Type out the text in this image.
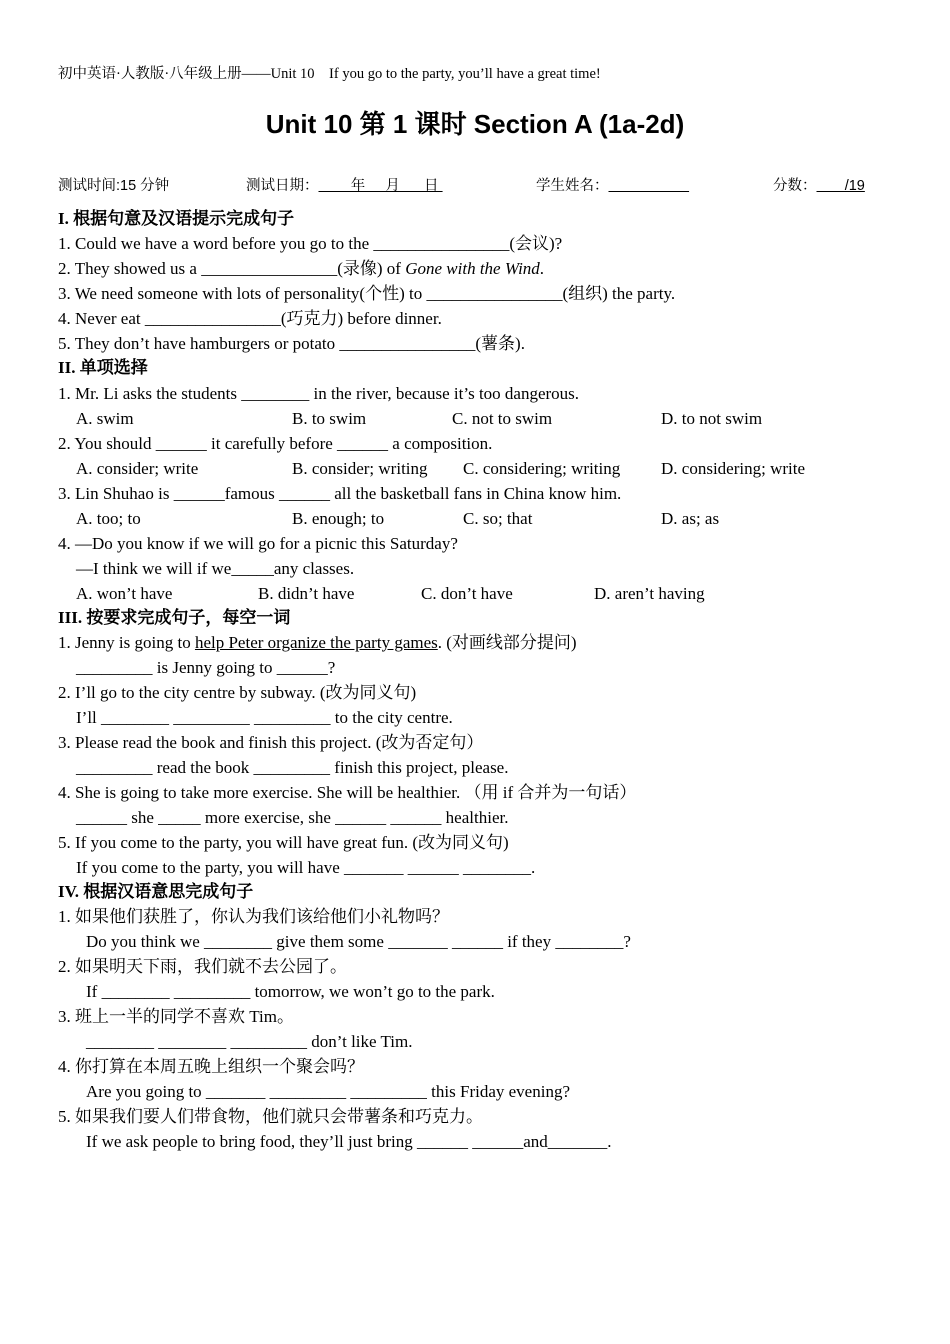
初中英语·人教版·八年级上册——Unit 10　If you go to the party, you’ll have a great time!
Unit 10 第 1 课时 Section A (1a-2d)
测试时间:15 分钟	测试日期：        年     月      日	学生姓名：	分数：       /19
I. 根据句意及汉语提示完成句子
1. Could we have a word before you go to the ________________(会议)?
2. They showed us a ________________(录像) of Gone with the Wind.
3. We need someone with lots of personality(个性) to ________________(组织) the party.
4. Never eat ________________(巧克力) before dinner.
5. They don’t have hamburgers or potato ________________(薯条).
II. 单项选择
1. Mr. Li asks the students ________ in the river, because it’s too dangerous.
A. swim	B. to swim	C. not to swim	D. to not swim
2. You should ______ it carefully before ______ a composition.
A. consider; write	B. consider; writing C. considering; writing D. considering; write
3. Lin Shuhao is ______famous ______ all the basketball fans in China know him.
A. too; to	B. enough; to	C. so; that	D. as; as
4. —Do you know if we will go for a picnic this Saturday?
—I think we will if we_____any classes.
A. won’t have	B. didn’t have	C. don’t have	D. aren’t having
III. 按要求完成句子，每空一词
1. Jenny is going to help Peter organize the party games. (对画线部分提问)
_________ is Jenny going to ______?
2. I’ll go to the city centre by subway. (改为同义句)
I’ll ________ _________ _________ to the city centre.
3. Please read the book and finish this project. (改为否定句）
_________ read the book _________ finish this project, please.
4. She is going to take more exercise. She will be healthier. （用 if 合并为一句话）
______ she _____ more exercise, she ______ ______ healthier.
5. If you come to the party, you will have great fun. (改为同义句)
If you come to the party, you will have _______ ______ ________.
IV. 根据汉语意思完成句子
1. 如果他们获胜了，你认为我们该给他们小礼物吗？
Do you think we ________ give them some _______ ______ if they ________?
2. 如果明天下雨，我们就不去公园了。
If ________ _________ tomorrow, we won’t go to the park.
3. 班上一半的同学不喜欢 Tim。
________ ________ _________ don’t like Tim.
4. 你打算在本周五晚上组织一个聚会吗？
Are you going to _______ _________ _________ this Friday evening?
5. 如果我们要人们带食物，他们就只会带薯条和巧克力。
If we ask people to bring food, they’ll just bring ______ ______and_______.
